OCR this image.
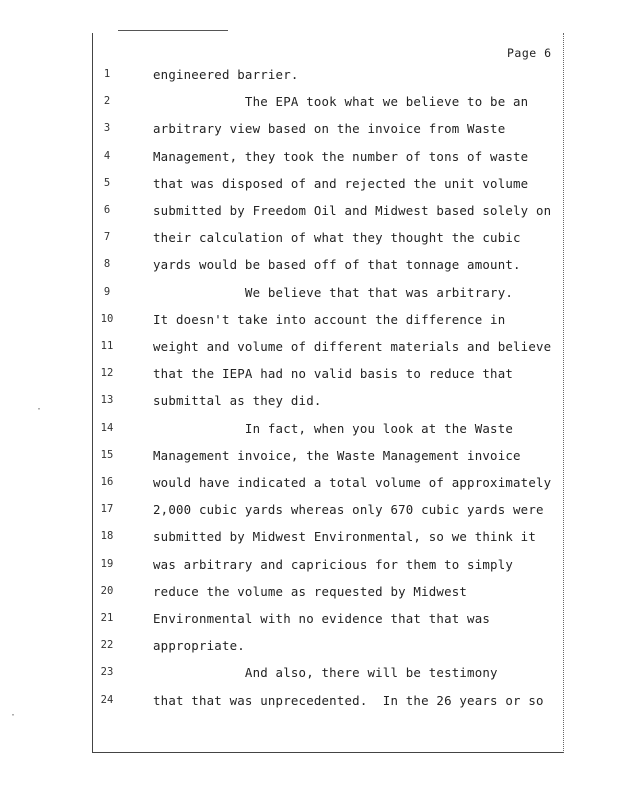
Page 6
1	engineered barrier.
2	The EPA took what we believe to be an
3	arbitrary view based on the invoice from Waste
4	Management, they took the number of tons of waste
5	that was disposed of and rejected the unit volume
6	submitted by Freedom Oil and Midwest based solely on
7	their calculation of what they thought the cubic
8	yards would be based off of that tonnage amount.
9	We believe that that was arbitrary.
10	It doesn't take into account the difference in
11	weight and volume of different materials and believe
12	that the IEPA had no valid basis to reduce that
13	submittal as they did.
14	In fact, when you look at the Waste
15	Management invoice, the Waste Management invoice
16	would have indicated a total volume of approximately
17	2,000 cubic yards whereas only 670 cubic yards were
18	submitted by Midwest Environmental, so we think it
19	was arbitrary and capricious for them to simply
20	reduce the volume as requested by Midwest
21	Environmental with no evidence that that was
22	appropriate.
23	And also, there will be testimony
24	that that was unprecedented.  In the 26 years or so
·
·
